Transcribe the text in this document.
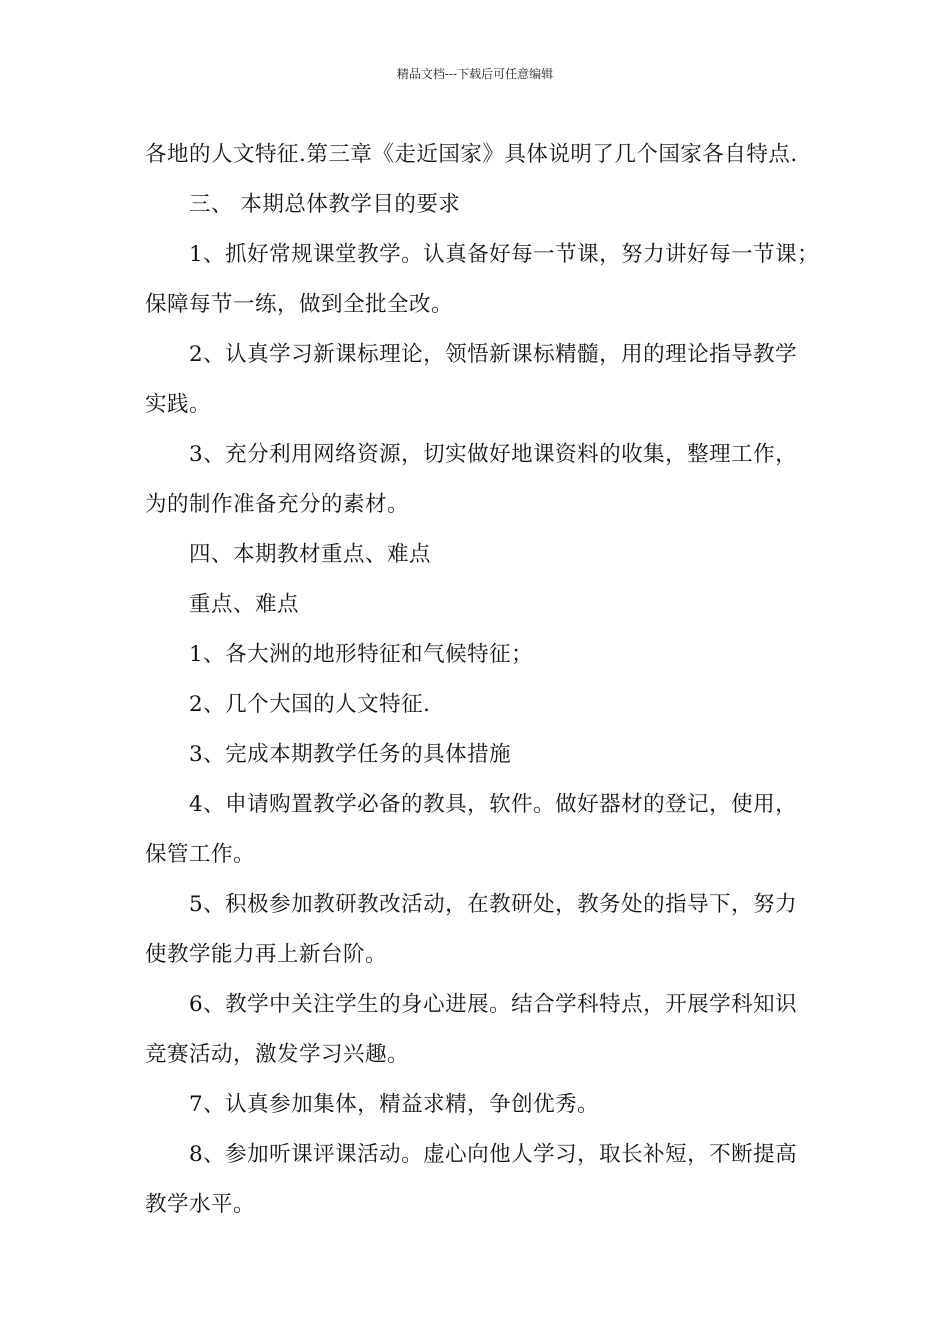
精品文档---下载后可任意编辑
各地的人文特征.第三章《走近国家》具体说明了几个国家各自特点.
三、 本期总体教学目的要求
1、抓好常规课堂教学。认真备好每一节课，努力讲好每一节课；
保障每节一练，做到全批全改。
2、认真学习新课标理论，领悟新课标精髓，用的理论指导教学
实践。
3、充分利用网络资源，切实做好地课资料的收集，整理工作，
为的制作准备充分的素材。
四、本期教材重点、难点
重点、难点
1、各大洲的地形特征和气候特征；
2、几个大国的人文特征.
3、完成本期教学任务的具体措施
4、申请购置教学必备的教具，软件。做好器材的登记，使用，
保管工作。
5、积极参加教研教改活动，在教研处，教务处的指导下，努力
使教学能力再上新台阶。
6、教学中关注学生的身心进展。结合学科特点，开展学科知识
竞赛活动，激发学习兴趣。
7、认真参加集体，精益求精，争创优秀。
8、参加听课评课活动。虚心向他人学习，取长补短，不断提高
教学水平。
